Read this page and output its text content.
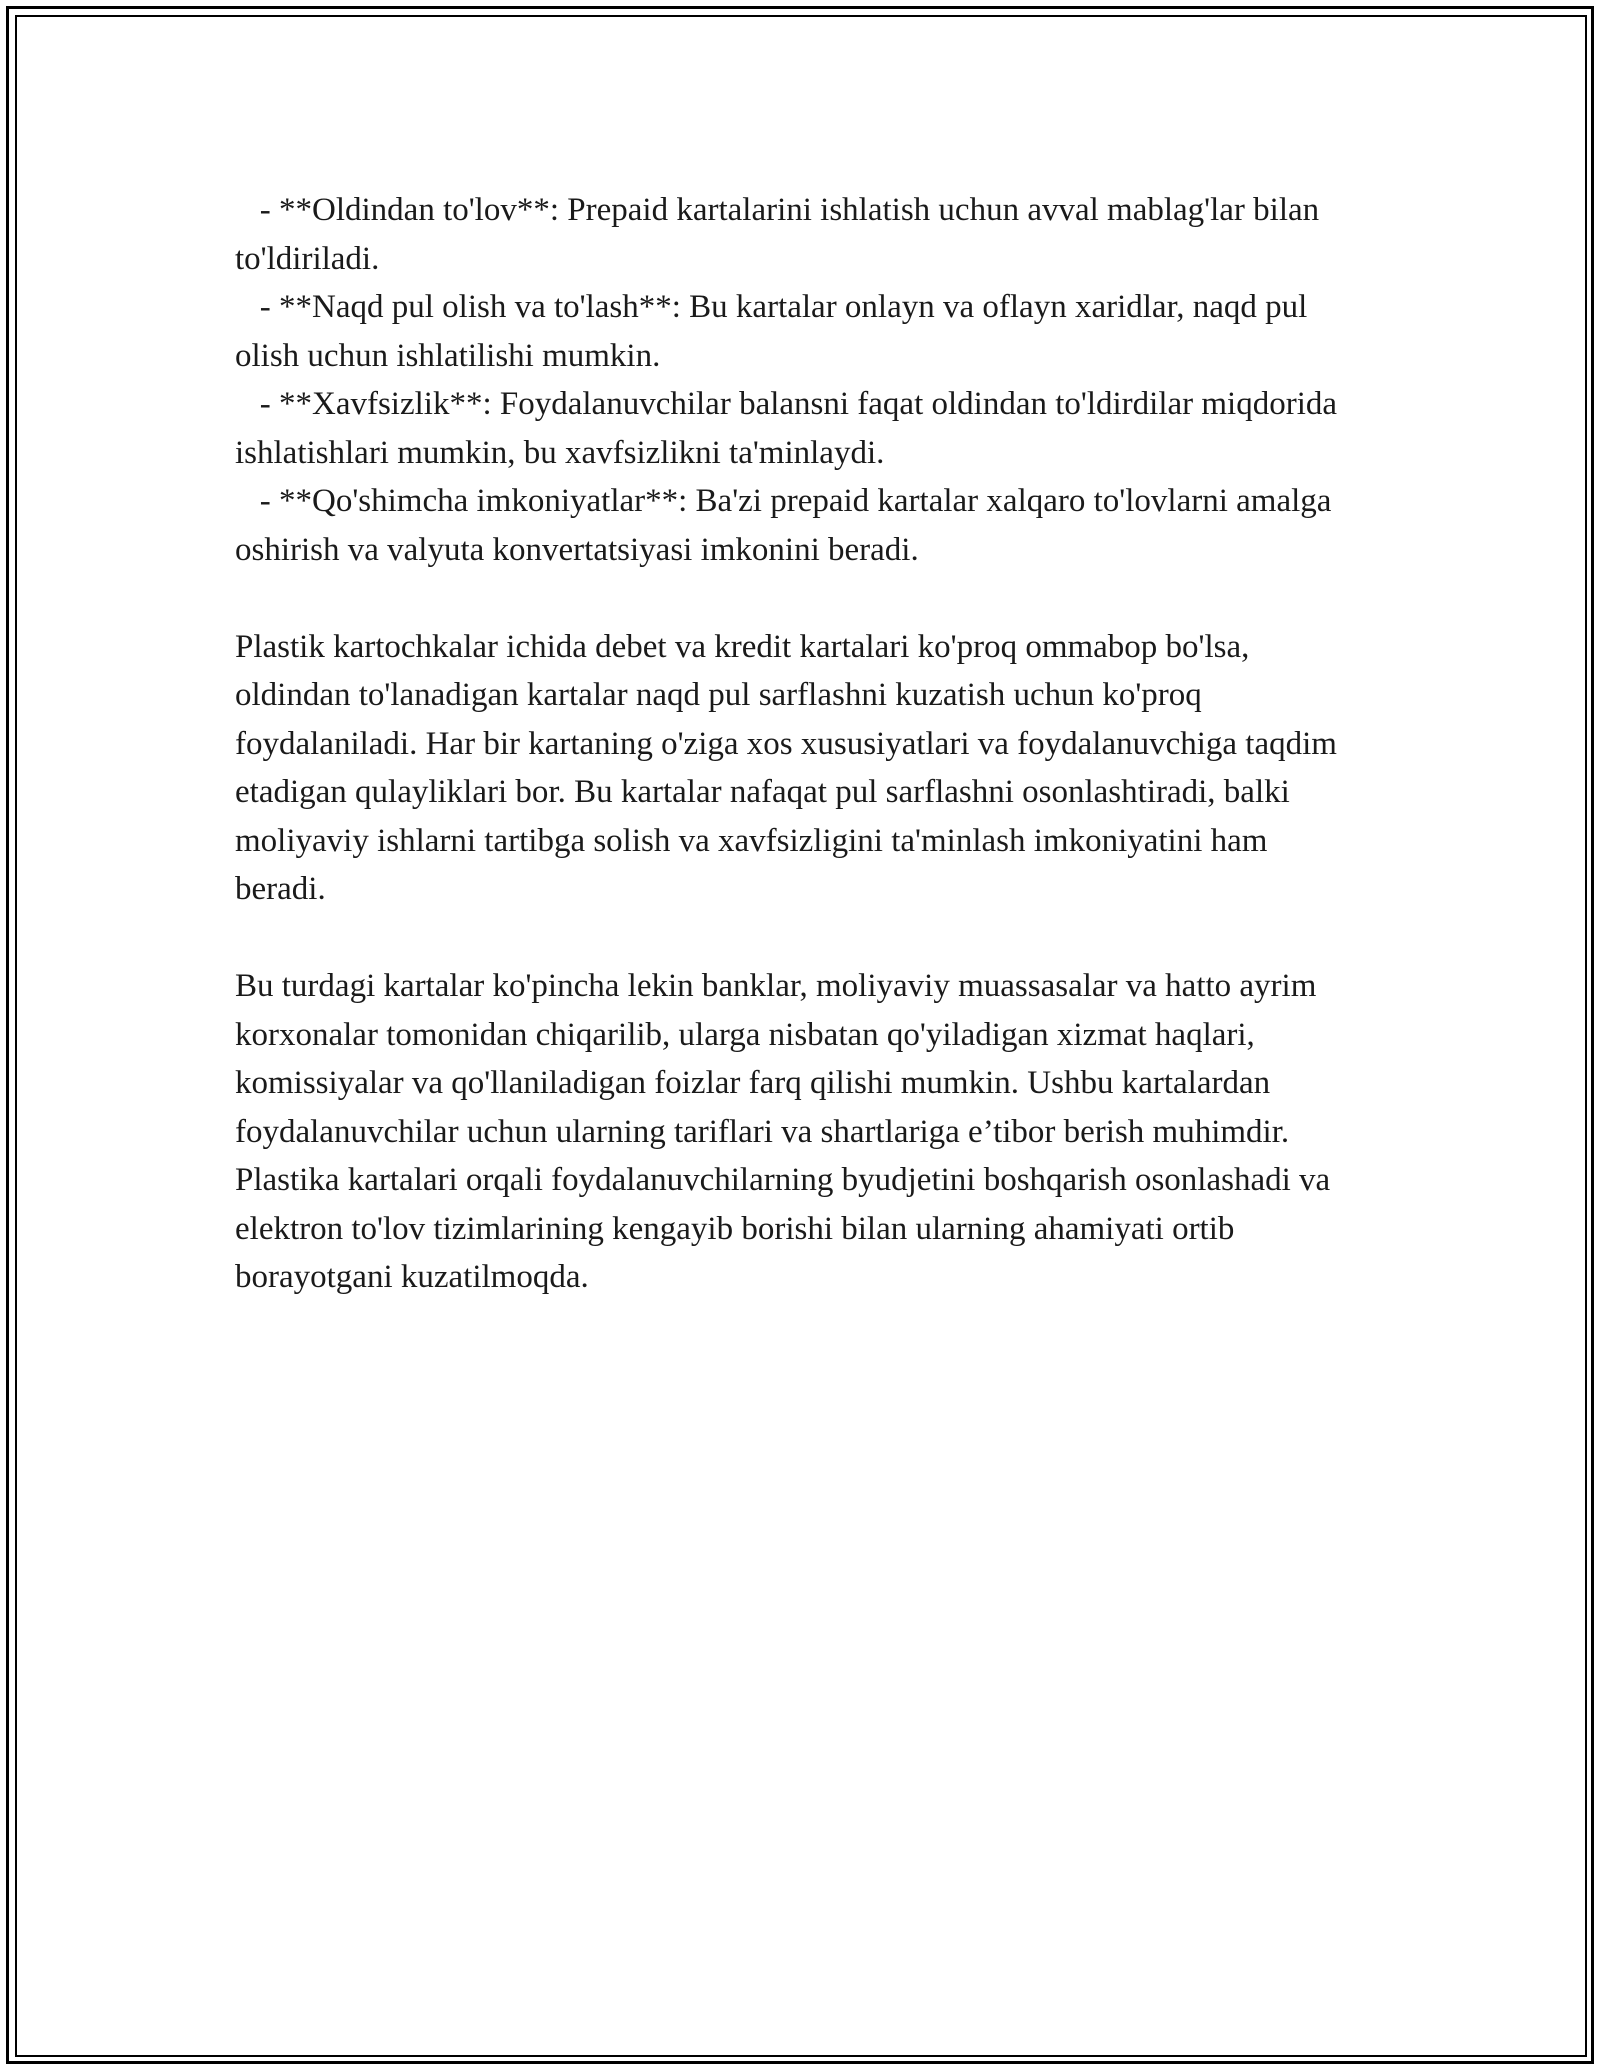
- **Oldindan to'lov**: Prepaid kartalarini ishlatish uchun avval mablag'lar bilan to'ldiriladi.

- **Naqd pul olish va to'lash**: Bu kartalar onlayn va oflayn xaridlar, naqd pul olish uchun ishlatilishi mumkin.

- **Xavfsizlik**: Foydalanuvchilar balansni faqat oldindan to'ldirdilar miqdorida ishlatishlari mumkin, bu xavfsizlikni ta'minlaydi.

- **Qo'shimcha imkoniyatlar**: Ba'zi prepaid kartalar xalqaro to'lovlarni amalga oshirish va valyuta konvertatsiyasi imkonini beradi.

Plastik kartochkalar ichida debet va kredit kartalari ko'proq ommabop bo'lsa, oldindan to'lanadigan kartalar naqd pul sarflashni kuzatish uchun ko'proq foydalaniladi. Har bir kartaning o'ziga xos xususiyatlari va foydalanuvchiga taqdim etadigan qulayliklari bor. Bu kartalar nafaqat pul sarflashni osonlashtiradi, balki moliyaviy ishlarni tartibga solish va xavfsizligini ta'minlash imkoniyatini ham beradi.

Bu turdagi kartalar ko'pincha lekin banklar, moliyaviy muassasalar va hatto ayrim korxonalar tomonidan chiqarilib, ularga nisbatan qo'yiladigan xizmat haqlari, komissiyalar va qo'llaniladigan foizlar farq qilishi mumkin. Ushbu kartalardan foydalanuvchilar uchun ularning tariflari va shartlariga e’tibor berish muhimdir. Plastika kartalari orqali foydalanuvchilarning byudjetini boshqarish osonlashadi va elektron to'lov tizimlarining kengayib borishi bilan ularning ahamiyati ortib borayotgani kuzatilmoqda.
